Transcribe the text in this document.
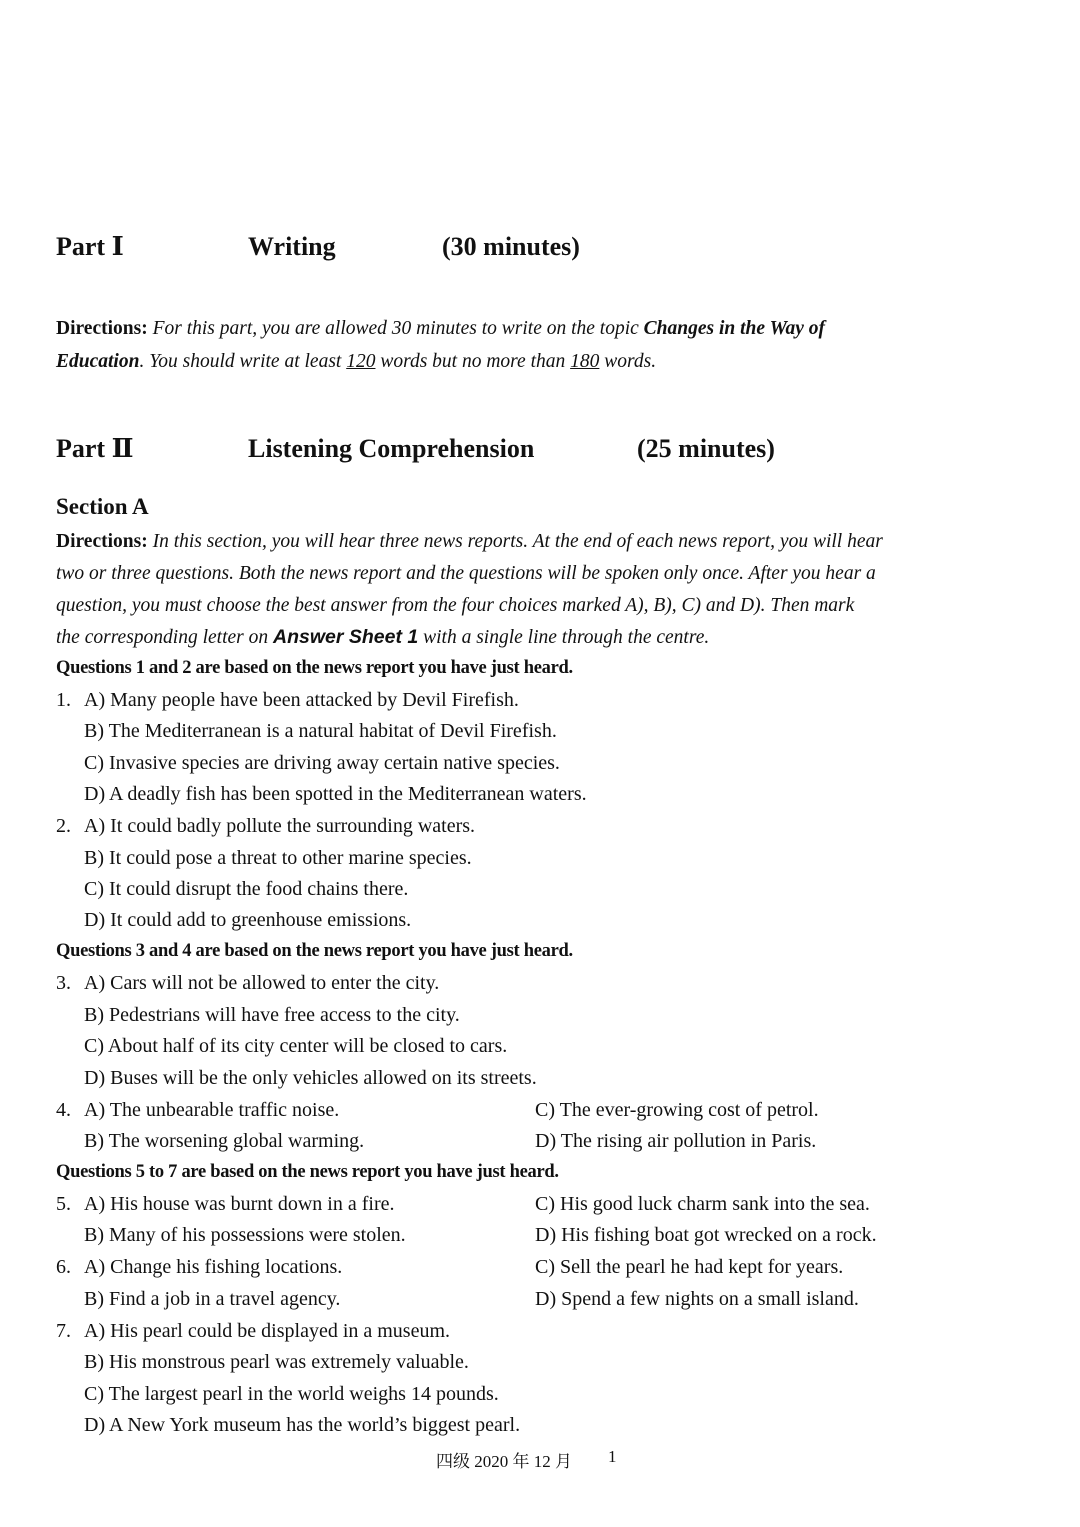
Part Ⅰ	Writing	(30 minutes)
Directions: For this part, you are allowed 30 minutes to write on the topic Changes in the Way of
Education. You should write at least 120 words but no more than 180 words.
Part Ⅱ	Listening Comprehension	(25 minutes)
Section A
Directions: In this section, you will hear three news reports. At the end of each news report, you will hear
two or three questions. Both the news report and the questions will be spoken only once. After you hear a
question, you must choose the best answer from the four choices marked A), B), C) and D). Then mark
the corresponding letter on Answer Sheet 1 with a single line through the centre.
Questions 1 and 2 are based on the news report you have just heard.
1. A) Many people have been attacked by Devil Firefish.
B) The Mediterranean is a natural habitat of Devil Firefish.
C) Invasive species are driving away certain native species.
D) A deadly fish has been spotted in the Mediterranean waters.
2. A) It could badly pollute the surrounding waters.
B) It could pose a threat to other marine species.
C) It could disrupt the food chains there.
D) It could add to greenhouse emissions.
Questions 3 and 4 are based on the news report you have just heard.
3. A) Cars will not be allowed to enter the city.
B) Pedestrians will have free access to the city.
C) About half of its city center will be closed to cars.
D) Buses will be the only vehicles allowed on its streets.
4. A) The unbearable traffic noise.	C) The ever-growing cost of petrol.
B) The worsening global warming.	D) The rising air pollution in Paris.
Questions 5 to 7 are based on the news report you have just heard.
5. A) His house was burnt down in a fire.	C) His good luck charm sank into the sea.
B) Many of his possessions were stolen.	D) His fishing boat got wrecked on a rock.
6. A) Change his fishing locations.	C) Sell the pearl he had kept for years.
B) Find a job in a travel agency.	D) Spend a few nights on a small island.
7. A) His pearl could be displayed in a museum.
B) His monstrous pearl was extremely valuable.
C) The largest pearl in the world weighs 14 pounds.
D) A New York museum has the world’s biggest pearl.
四级 2020 年 12 月 1
